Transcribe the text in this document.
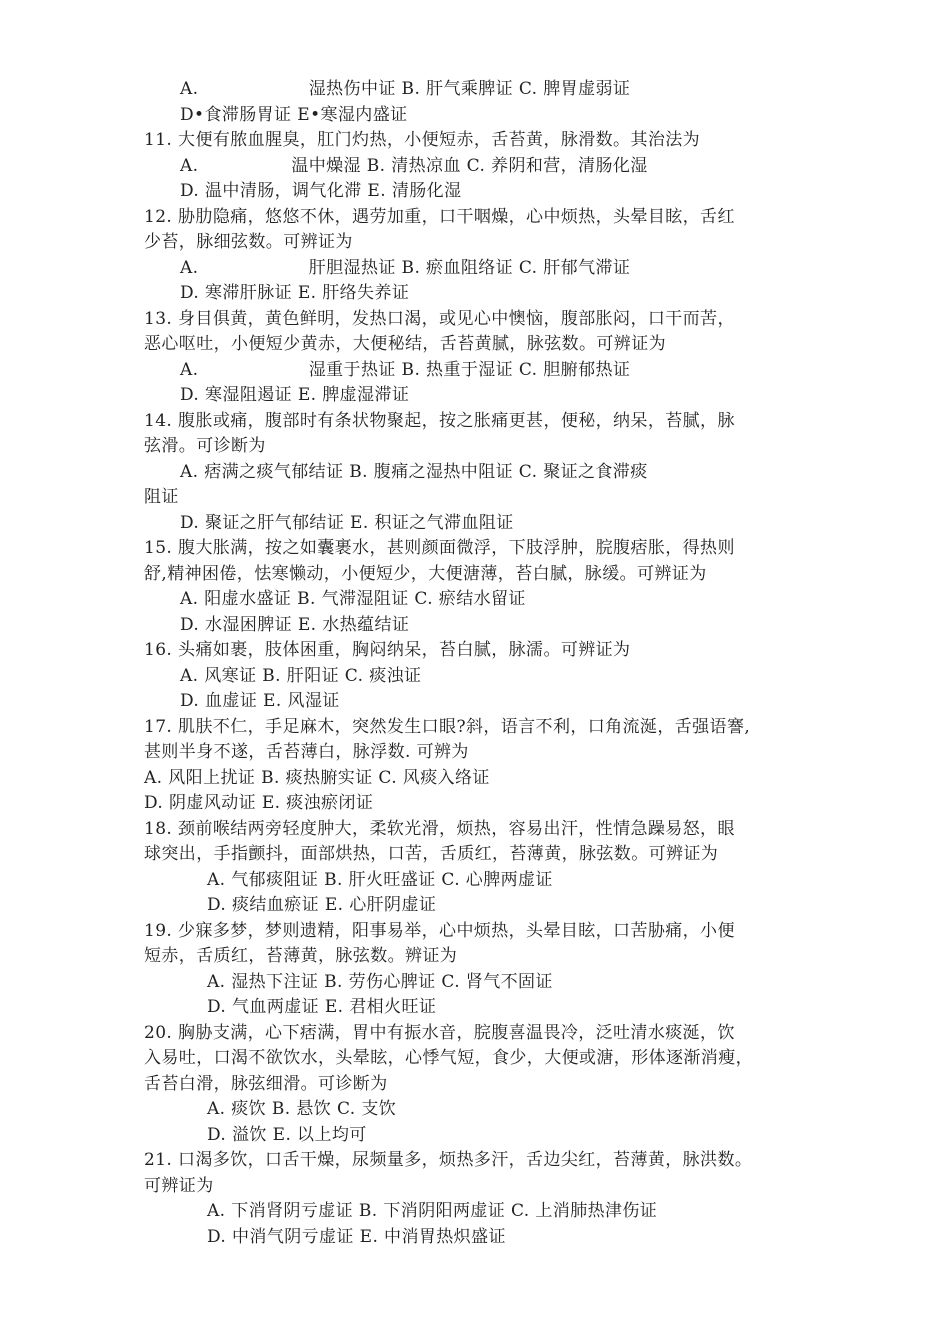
A.                   湿热伤中证 B. 肝气乘脾证 C. 脾胃虚弱证
D•食滞肠胃证 E•寒湿内盛证
11. 大便有脓血腥臭，肛门灼热，小便短赤，舌苔黄，脉滑数。其治法为
A.                温中燥湿 B. 清热凉血 C. 养阴和营，清肠化湿
D. 温中清肠，调气化滞 E. 清肠化湿
12. 胁肋隐痛，悠悠不休，遇劳加重，口干咽燥，心中烦热，头晕目眩，舌红
少苔，脉细弦数。可辨证为
A.                   肝胆湿热证 B. 瘀血阻络证 C. 肝郁气滞证
D. 寒滞肝脉证 E. 肝络失养证
13. 身目俱黄，黄色鲜明，发热口渴，或见心中懊恼，腹部胀闷，口干而苦，
恶心呕吐，小便短少黄赤，大便秘结，舌苔黄腻，脉弦数。可辨证为
A.                   湿重于热证 B. 热重于湿证 C. 胆腑郁热证
D. 寒湿阻遏证 E. 脾虚湿滞证
14. 腹胀或痛，腹部时有条状物聚起，按之胀痛更甚，便秘，纳呆，苔腻，脉
弦滑。可诊断为
A. 痞满之痰气郁结证 B. 腹痛之湿热中阻证 C. 聚证之食滞痰
阻证
D. 聚证之肝气郁结证 E. 积证之气滞血阻证
15. 腹大胀满，按之如囊裹水，甚则颜面微浮，下肢浮肿，脘腹痞胀，得热则
舒,精神困倦，怯寒懒动，小便短少，大便溏薄，苔白腻，脉缓。可辨证为
A. 阳虚水盛证 B. 气滞湿阻证 C. 瘀结水留证
D. 水湿困脾证 E. 水热蕴结证
16. 头痛如裹，肢体困重，胸闷纳呆，苔白腻，脉濡。可辨证为
A. 风寒证 B. 肝阳证 C. 痰浊证
D. 血虚证 E. 风湿证
17. 肌肤不仁，手足麻木，突然发生口眼?斜，语言不利，口角流涎，舌强语謇,
甚则半身不遂，舌苔薄白，脉浮数. 可辨为
A. 风阳上扰证 B. 痰热腑实证 C. 风痰入络证
D. 阴虚风动证 E. 痰浊瘀闭证
18. 颈前喉结两旁轻度肿大，柔软光滑，烦热，容易出汗，性情急躁易怒，眼
球突出，手指颤抖，面部烘热，口苦，舌质红，苔薄黄，脉弦数。可辨证为
A. 气郁痰阻证 B. 肝火旺盛证 C. 心脾两虚证
D. 痰结血瘀证 E. 心肝阴虚证
19. 少寐多梦，梦则遗精，阳事易举，心中烦热，头晕目眩，口苦胁痛，小便
短赤，舌质红，苔薄黄，脉弦数。辨证为
A. 湿热下注证 B. 劳伤心脾证 C. 肾气不固证
D. 气血两虚证 E. 君相火旺证
20. 胸胁支满，心下痞满，胃中有振水音，脘腹喜温畏冷，泛吐清水痰涎，饮
入易吐，口渴不欲饮水，头晕眩，心悸气短，食少，大便或溏，形体逐渐消瘦，
舌苔白滑，脉弦细滑。可诊断为
A. 痰饮 B. 悬饮 C. 支饮
D. 溢饮 E. 以上均可
21. 口渴多饮，口舌干燥，尿频量多，烦热多汗，舌边尖红，苔薄黄，脉洪数。
可辨证为
A. 下消肾阴亏虚证 B. 下消阴阳两虚证 C. 上消肺热津伤证
D. 中消气阴亏虚证 E. 中消胃热炽盛证
